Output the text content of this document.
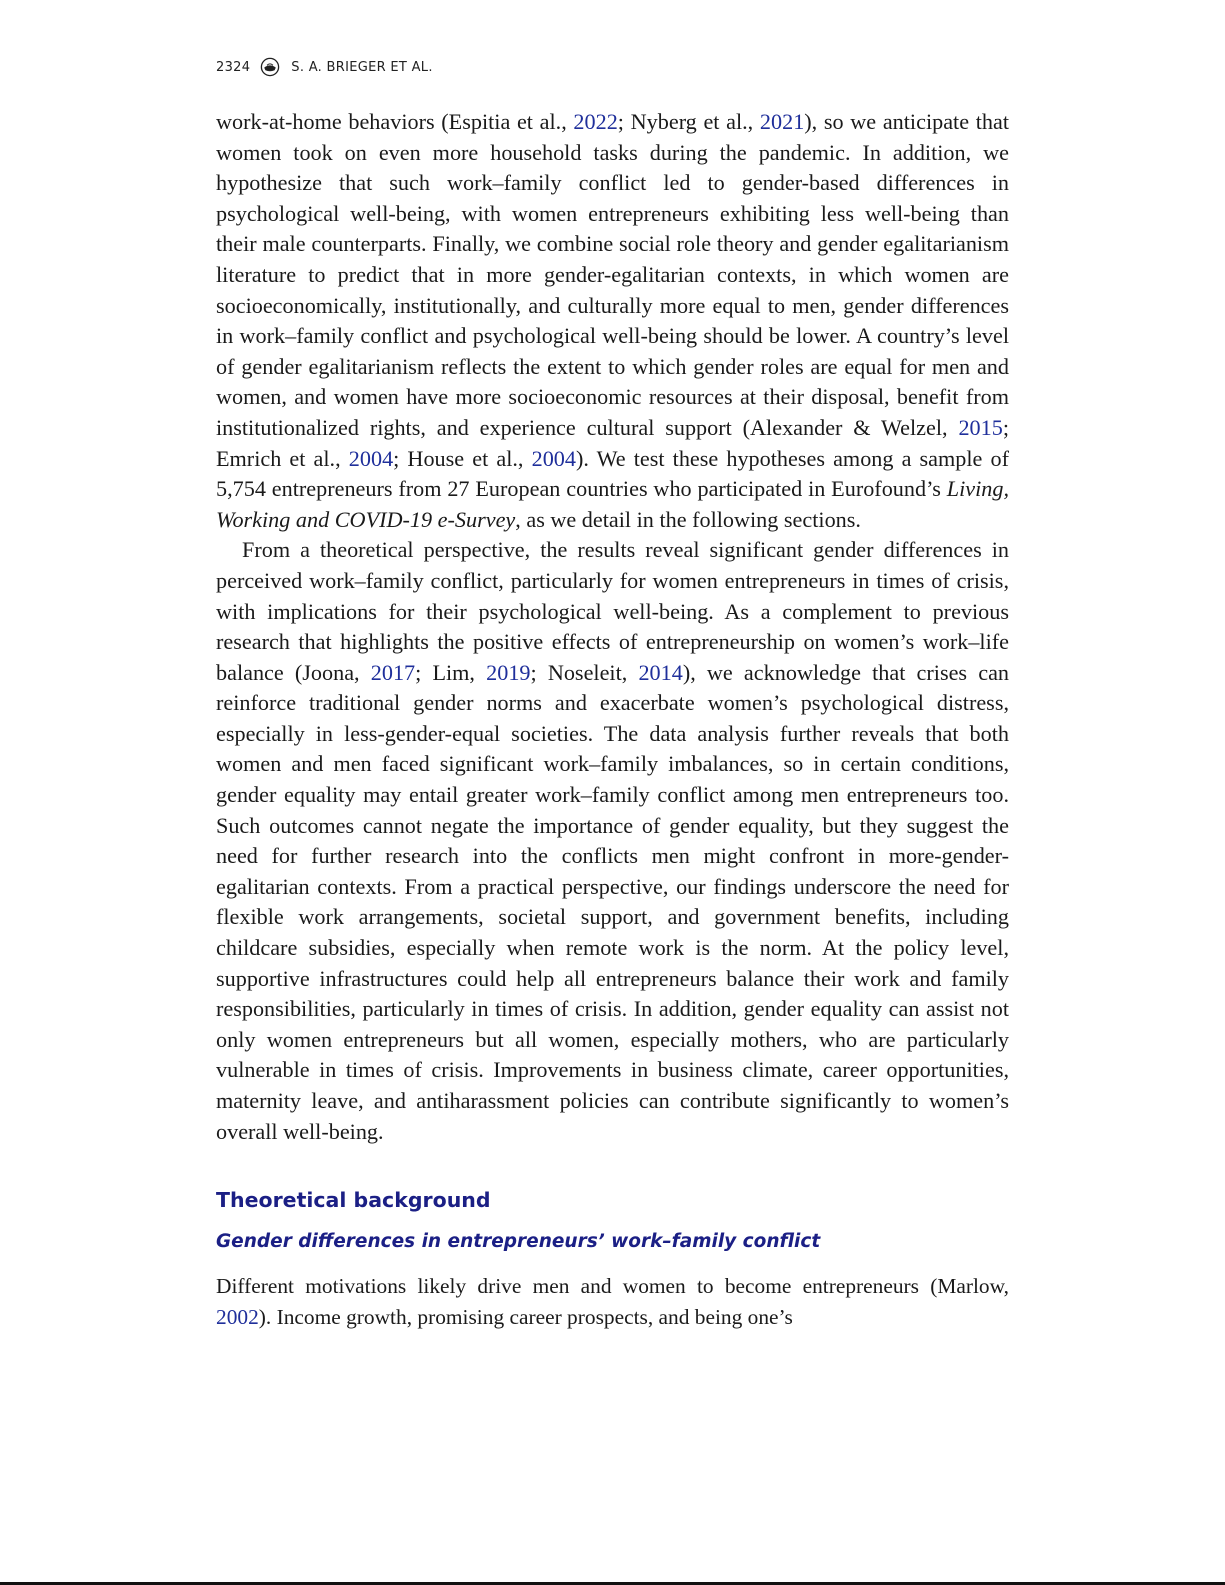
2324	S. A. BRIEGER ET AL.

work-at-home behaviors (Espitia et al., 2022; Nyberg et al., 2021), so we anticipate that women took on even more household tasks during the pandemic. In addition, we hypothesize that such work–family conflict led to gender-based differences in psychological well-being, with women entrepreneurs exhibiting less well-being than their male counterparts. Finally, we combine social role theory and gender egalitarianism literature to predict that in more gender-egalitarian contexts, in which women are socioeconomically, institutionally, and culturally more equal to men, gender differences in work–family conflict and psychological well-being should be lower. A country’s level of gender egalitarianism reflects the extent to which gender roles are equal for men and women, and women have more socioeconomic resources at their disposal, benefit from institutionalized rights, and experience cultural support (Alexander & Welzel, 2015; Emrich et al., 2004; House et al., 2004). We test these hypotheses among a sample of 5,754 entrepreneurs from 27 European countries who participated in Eurofound’s Living, Working and COVID-19 e-Survey, as we detail in the following sections.

From a theoretical perspective, the results reveal significant gender differences in perceived work–family conflict, particularly for women entrepreneurs in times of crisis, with implications for their psychological well-being. As a complement to previous research that highlights the positive effects of entrepreneurship on women’s work–life balance (Joona, 2017; Lim, 2019; Noseleit, 2014), we acknowledge that crises can reinforce traditional gender norms and exacerbate women’s psychological distress, especially in less-gender-equal societies. The data analysis further reveals that both women and men faced significant work–family imbalances, so in certain conditions, gender equality may entail greater work–family conflict among men entrepreneurs too. Such outcomes cannot negate the importance of gender equality, but they suggest the need for further research into the conflicts men might confront in more-gender-egalitarian contexts. From a practical perspective, our findings underscore the need for flexible work arrangements, societal support, and government benefits, including childcare subsidies, especially when remote work is the norm. At the policy level, supportive infrastructures could help all entrepreneurs balance their work and family responsibilities, particularly in times of crisis. In addition, gender equality can assist not only women entrepreneurs but all women, especially mothers, who are particularly vulnerable in times of crisis. Improvements in business climate, career opportunities, maternity leave, and antiharassment policies can contribute significantly to women’s overall well-being.

Theoretical background
Gender differences in entrepreneurs’ work–family conflict

Different motivations likely drive men and women to become entrepreneurs (Marlow, 2002). Income growth, promising career prospects, and being one’s
